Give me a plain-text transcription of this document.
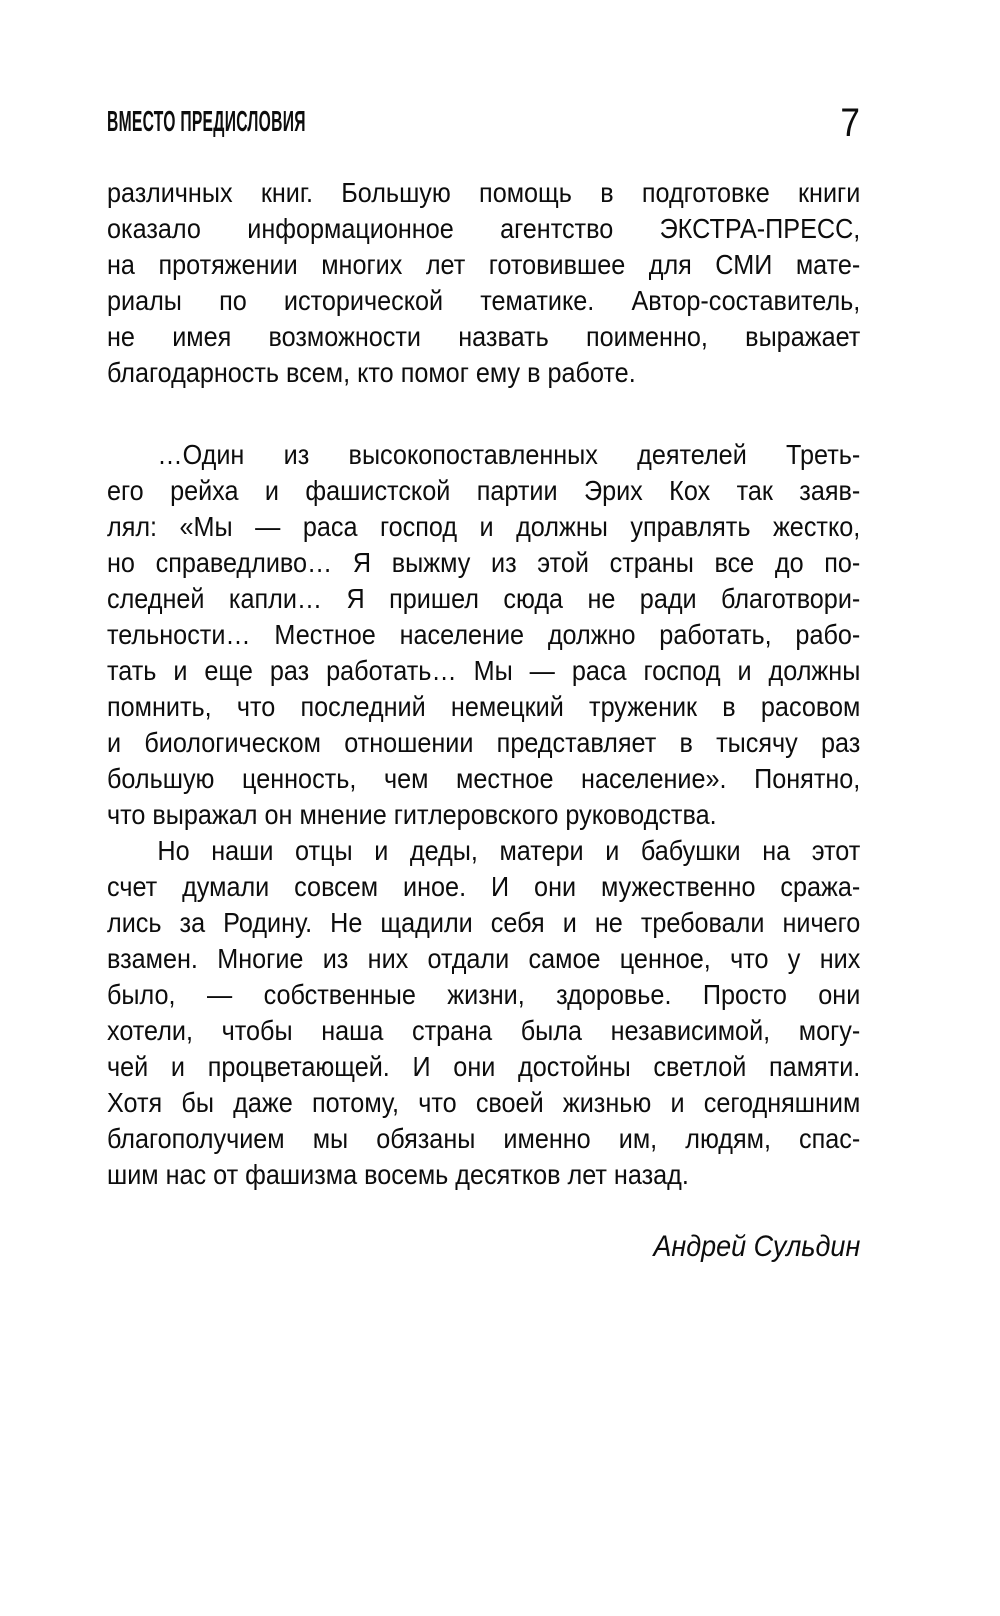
ВМЕСТО ПРЕДИСЛОВИЯ	7
различных книг. Большую помощь в подготовке книги
оказало информационное агентство ЭКСТРА-ПРЕСС,
на протяжении многих лет готовившее для СМИ мате-
риалы по исторической тематике. Автор-составитель,
не имея возможности назвать поименно, выражает
благодарность всем, кто помог ему в работе.
…Один из высокопоставленных деятелей Треть-
его рейха и фашистской партии Эрих Кох так заяв-
лял: «Мы — раса господ и должны управлять жестко,
но справедливо… Я выжму из этой страны все до по-
следней капли… Я пришел сюда не ради благотвори-
тельности… Местное население должно работать, рабо-
тать и еще раз работать… Мы — раса господ и должны
помнить, что последний немецкий труженик в расовом
и биологическом отношении представляет в тысячу раз
большую ценность, чем местное население». Понятно,
что выражал он мнение гитлеровского руководства.
Но наши отцы и деды, матери и бабушки на этот
счет думали совсем иное. И они мужественно сража-
лись за Родину. Не щадили себя и не требовали ничего
взамен. Многие из них отдали самое ценное, что у них
было, — собственные жизни, здоровье. Просто они
хотели, чтобы наша страна была независимой, могу-
чей и процветающей. И они достойны светлой памяти.
Хотя бы даже потому, что своей жизнью и сегодняшним
благополучием мы обязаны именно им, людям, спас-
шим нас от фашизма восемь десятков лет назад.
Андрей Сульдин
